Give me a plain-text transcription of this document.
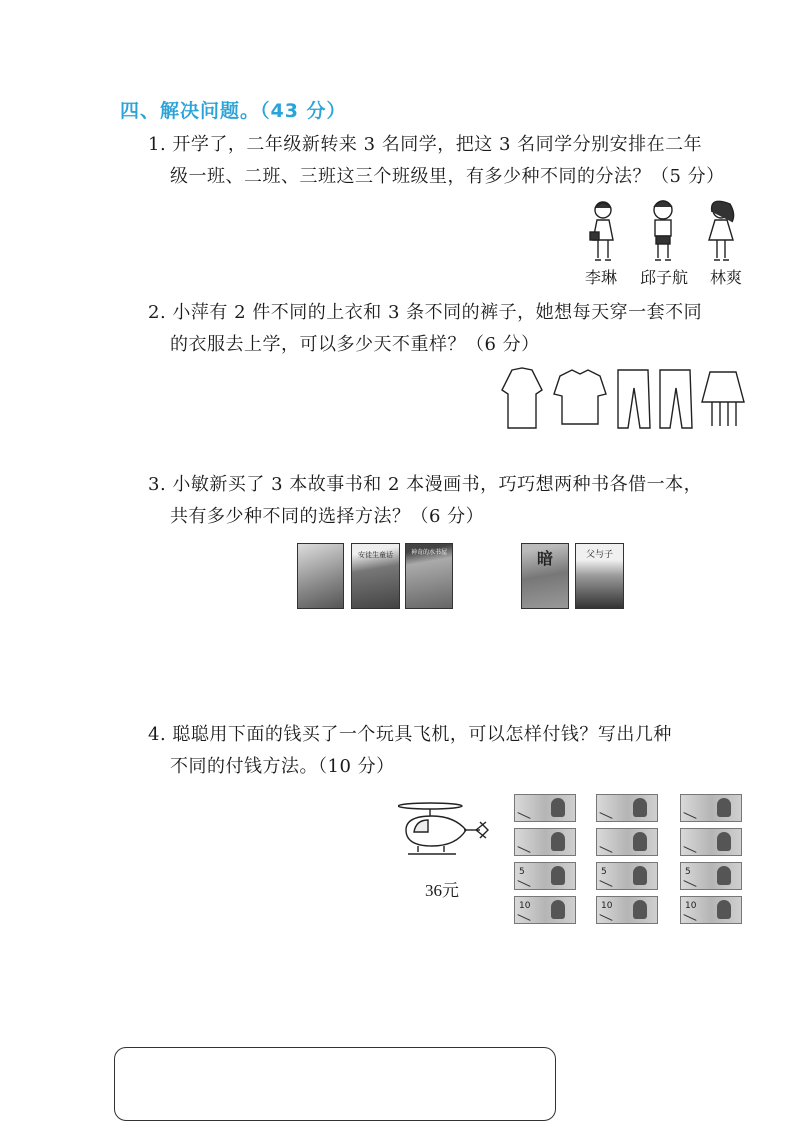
四、解决问题。（43 分）
1. 开学了，二年级新转来 3 名同学，把这 3 名同学分别安排在二年
级一班、二班、三班这三个班级里，有多少种不同的分法？（5 分）
李琳 邱子航 林爽
2. 小萍有 2 件不同的上衣和 3 条不同的裤子，她想每天穿一套不同
的衣服去上学，可以多少天不重样？（6 分）
3. 小敏新买了 3 本故事书和 2 本漫画书，巧巧想两种书各借一本，
共有多少种不同的选择方法？（6 分）
安徒生童话	神奇的水书屋	暗	父与子
4. 聪聪用下面的钱买了一个玩具飞机，可以怎样付钱？写出几种
不同的付钱方法。（10 分）
36元
5	5	5
10	10	10
